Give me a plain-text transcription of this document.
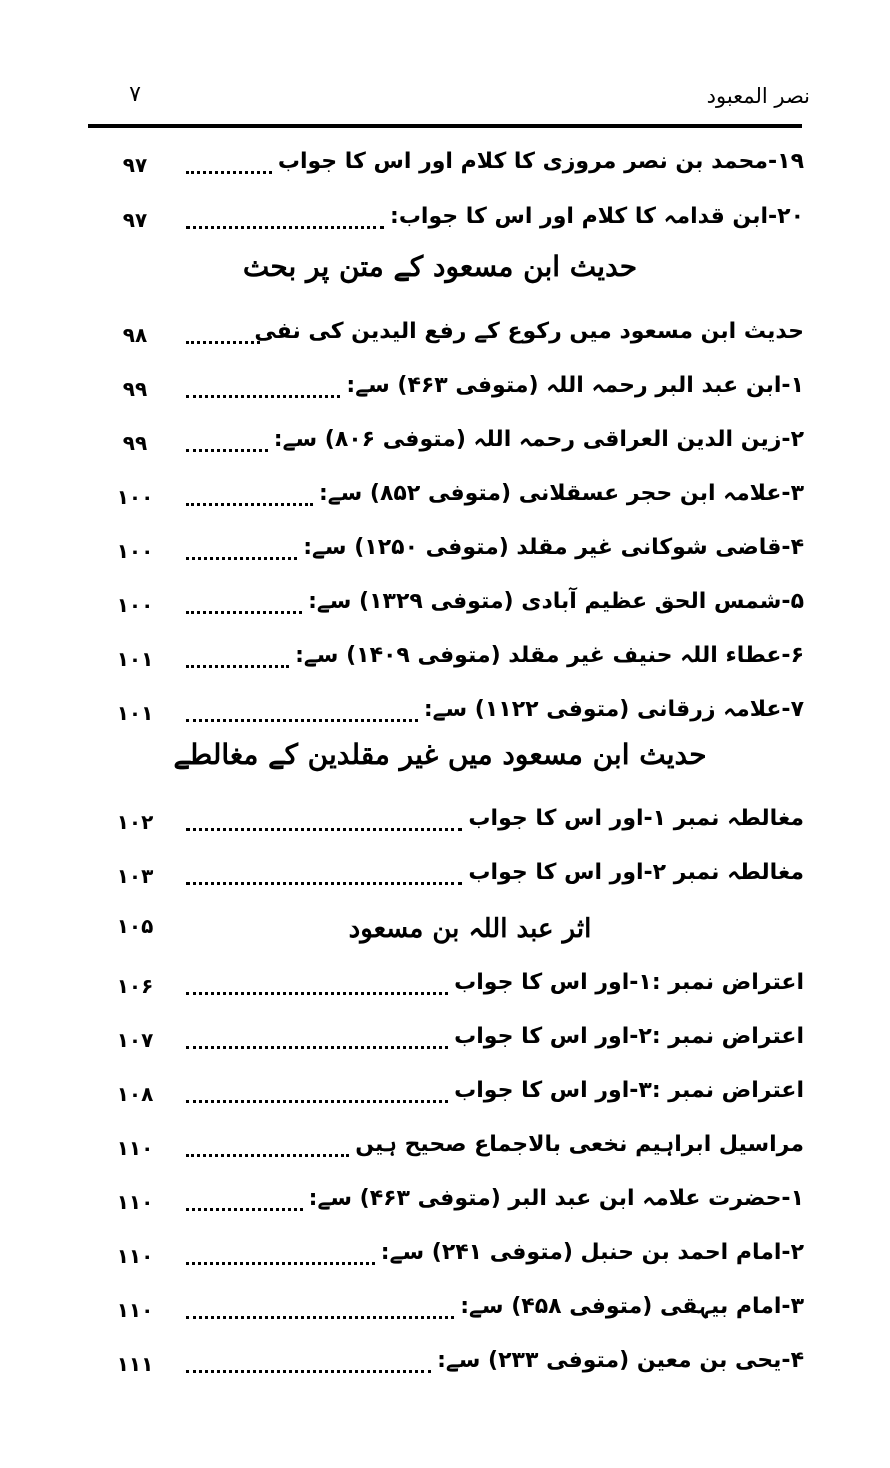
نصر المعبود
۷
۹۷	۱۹-محمد بن نصر مروزی کا کلام اور اس کا جواب
۹۷	۲۰-ابن قدامہ کا کلام اور اس کا جواب:
حدیث ابن مسعود کے متن پر بحث
۹۸	حدیث ابن مسعود میں رکوع کے رفع الیدین کی نفی
۹۹	۱-ابن عبد البر رحمہ اللہ (متوفی ۴۶۳) سے:
۹۹	۲-زین الدین العراقی رحمہ اللہ (متوفی ۸۰۶) سے:
۱۰۰	۳-علامہ ابن حجر عسقلانی (متوفی ۸۵۲) سے:
۱۰۰	۴-قاضی شوکانی غیر مقلد (متوفی ۱۲۵۰) سے:
۱۰۰	۵-شمس الحق عظیم آبادی (متوفی ۱۳۲۹) سے:
۱۰۱	۶-عطاء اللہ حنیف غیر مقلد (متوفی ۱۴۰۹) سے:
۱۰۱	۷-علامہ زرقانی (متوفی ۱۱۲۲) سے:
حدیث ابن مسعود میں غیر مقلدین کے مغالطے
۱۰۲	مغالطہ نمبر ۱-اور اس کا جواب
۱۰۳	مغالطہ نمبر ۲-اور اس کا جواب
۱۰۵	اثر عبد اللہ بن مسعود
۱۰۶	اعتراض نمبر :۱-اور اس کا جواب
۱۰۷	اعتراض نمبر :۲-اور اس کا جواب
۱۰۸	اعتراض نمبر :۳-اور اس کا جواب
۱۱۰	مراسیل ابراہیم نخعی بالاجماع صحیح ہیں
۱۱۰	۱-حضرت علامہ ابن عبد البر (متوفی ۴۶۳) سے:
۱۱۰	۲-امام احمد بن حنبل (متوفی ۲۴۱) سے:
۱۱۰	۳-امام بیہقی (متوفی ۴۵۸) سے:
۱۱۱	۴-یحی بن معین (متوفی ۲۳۳) سے:
